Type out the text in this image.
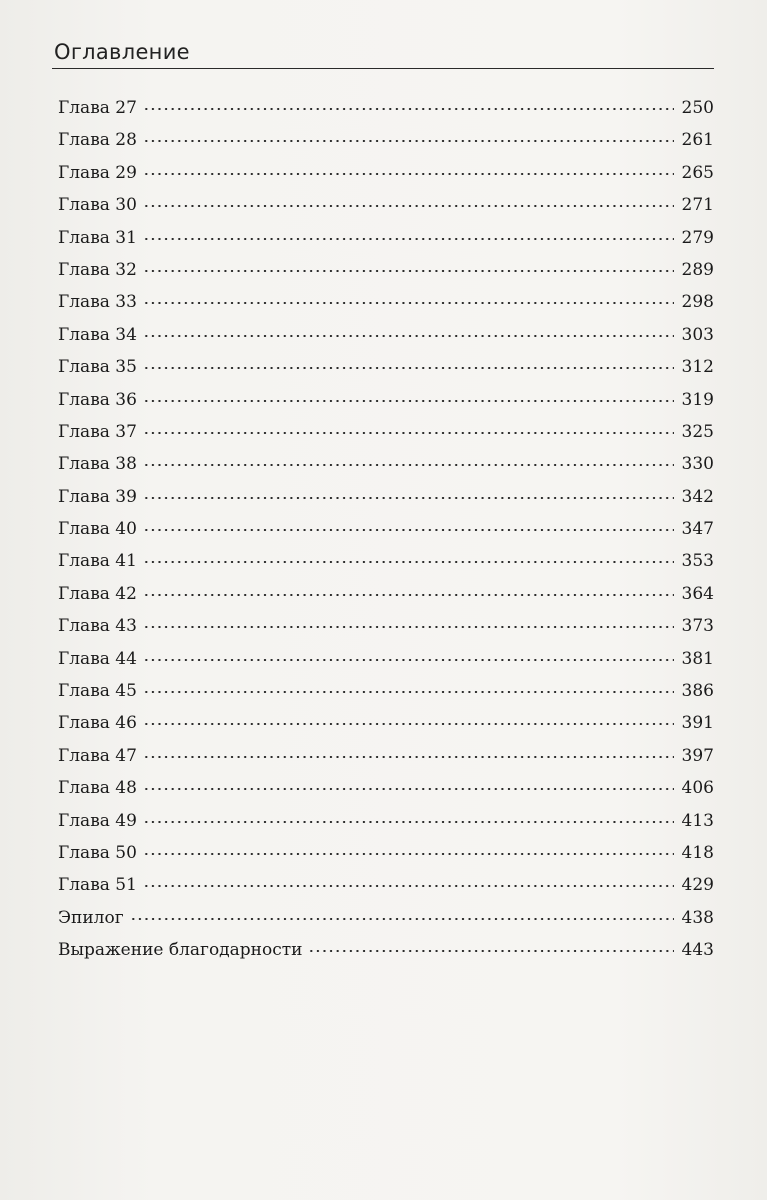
Оглавление
Глава 27	250
Глава 28	261
Глава 29	265
Глава 30	271
Глава 31	279
Глава 32	289
Глава 33	298
Глава 34	303
Глава 35	312
Глава 36	319
Глава 37	325
Глава 38	330
Глава 39	342
Глава 40	347
Глава 41	353
Глава 42	364
Глава 43	373
Глава 44	381
Глава 45	386
Глава 46	391
Глава 47	397
Глава 48	406
Глава 49	413
Глава 50	418
Глава 51	429
Эпилог	438
Выражение благодарности	443
